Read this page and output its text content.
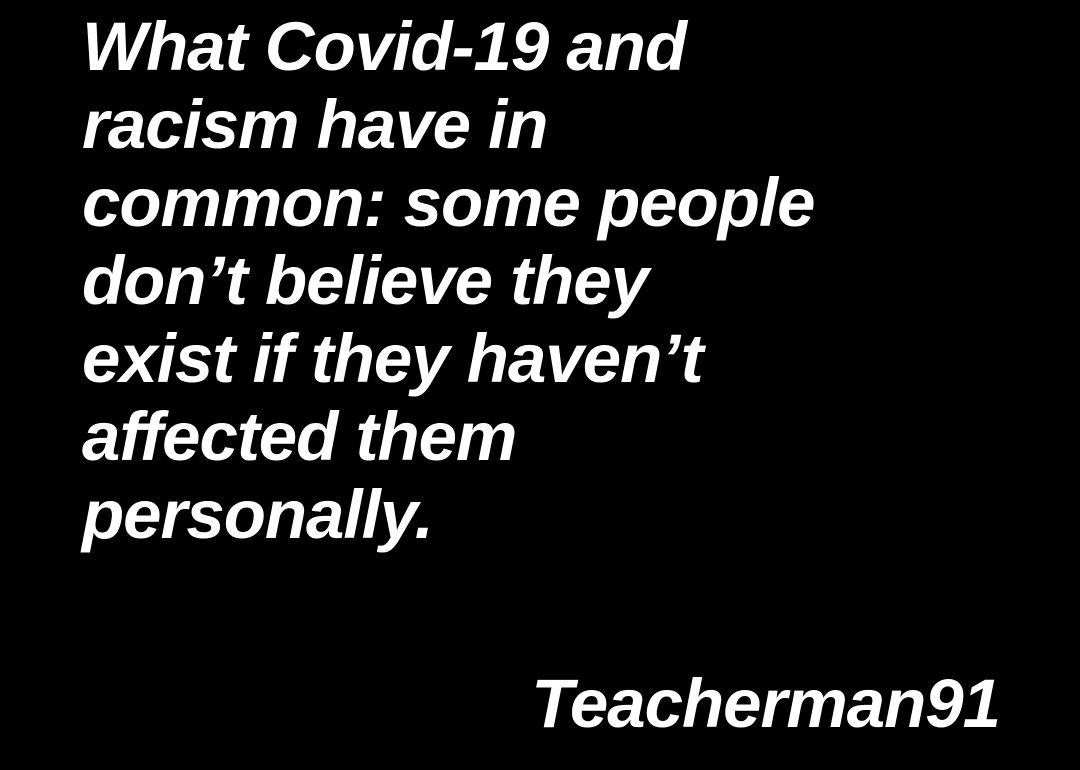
What Covid-19 and
racism have in
common: some people
don’t believe they
exist if they haven’t
affected them
personally.
Teacherman91
